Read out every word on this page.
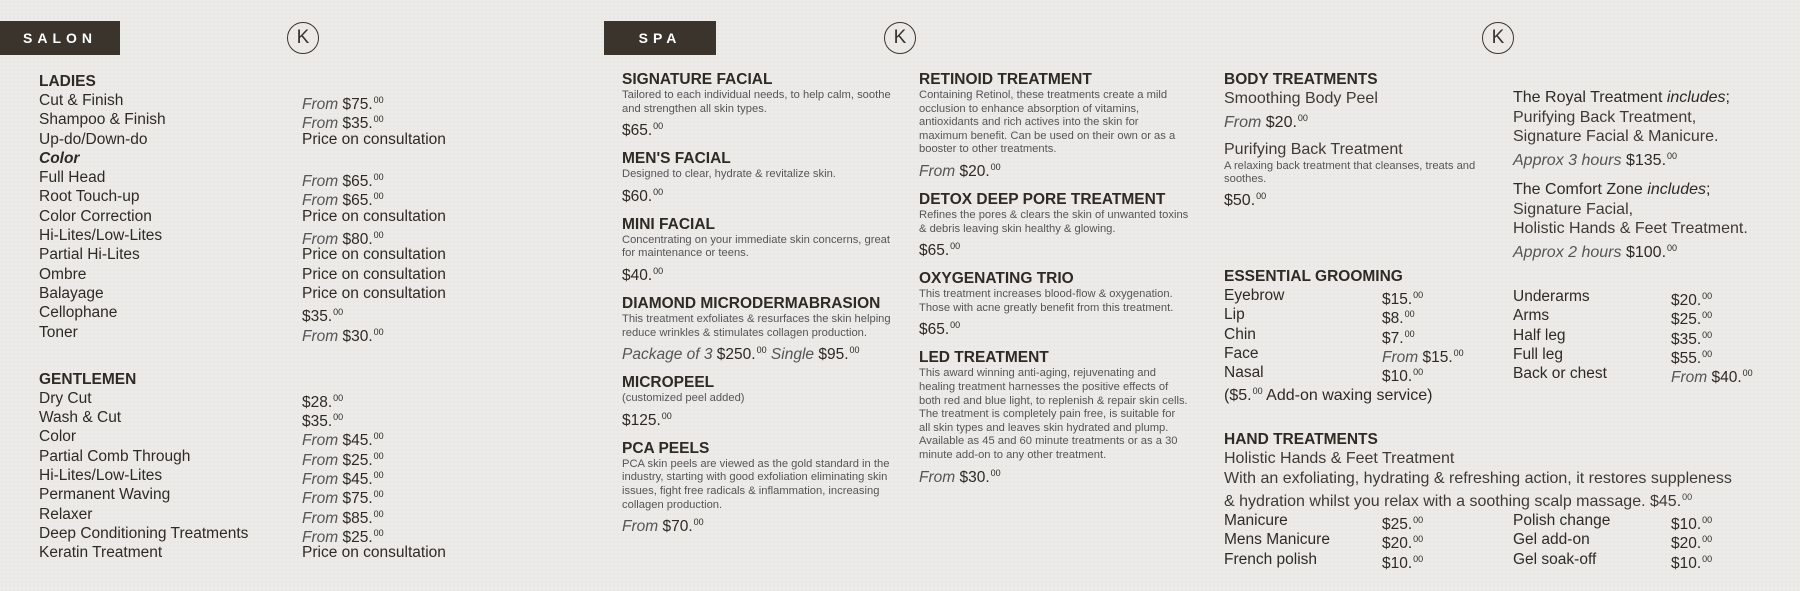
SALON	K	SPA	K	K
LADIES
Cut & Finish	From $75.00
Shampoo & Finish	From $35.00
Up-do/Down-do	Price on consultation
Color
Full Head	From $65.00
Root Touch-up	From $65.00
Color Correction	Price on consultation
Hi-Lites/Low-Lites	From $80.00
Partial Hi-Lites	Price on consultation
Ombre	Price on consultation
Balayage	Price on consultation
Cellophane	$35.00
Toner	From $30.00
GENTLEMEN
Dry Cut	$28.00
Wash & Cut	$35.00
Color	From $45.00
Partial Comb Through	From $25.00
Hi-Lites/Low-Lites	From $45.00
Permanent Waving	From $75.00
Relaxer	From $85.00
Deep Conditioning Treatments	From $25.00
Keratin Treatment	Price on consultation
SIGNATURE FACIAL
Tailored to each individual needs, to help calm, soothe and strengthen all skin types.
$65.00
MEN'S FACIAL
Designed to clear, hydrate & revitalize skin.
$60.00
MINI FACIAL
Concentrating on your immediate skin concerns, great for maintenance or teens.
$40.00
DIAMOND MICRODERMABRASION
This treatment exfoliates & resurfaces the skin helping reduce wrinkles & stimulates collagen production.
Package of 3 $250.00 Single $95.00
MICROPEEL
(customized peel added)
$125.00
PCA PEELS
PCA skin peels are viewed as the gold standard in the industry, starting with good exfoliation eliminating skin issues, fight free radicals & inflammation, increasing collagen production.
From $70.00
RETINOID TREATMENT
Containing Retinol, these treatments create a mild occlusion to enhance absorption of vitamins, antioxidants and rich actives into the skin for maximum benefit. Can be used on their own or as a booster to other treatments.
From $20.00
DETOX DEEP PORE TREATMENT
Refines the pores & clears the skin of unwanted toxins & debris leaving skin healthy & glowing.
$65.00
OXYGENATING TRIO
This treatment increases blood-flow & oxygenation. Those with acne greatly benefit from this treatment.
$65.00
LED TREATMENT
This award winning anti-aging, rejuvenating and healing treatment harnesses the positive effects of both red and blue light, to replenish & repair skin cells. The treatment is completely pain free, is suitable for all skin types and leaves skin hydrated and plump. Available as 45 and 60 minute treatments or as a 30 minute add-on to any other treatment.
From $30.00
BODY TREATMENTS
Smoothing Body Peel
From $20.00
Purifying Back Treatment
A relaxing back treatment that cleanses, treats and soothes.
$50.00
The Royal Treatment includes;
Purifying Back Treatment,
Signature Facial & Manicure.
Approx 3 hours $135.00
The Comfort Zone includes;
Signature Facial,
Holistic Hands & Feet Treatment.
Approx 2 hours $100.00
ESSENTIAL GROOMING
Eyebrow	$15.00
Lip	$8.00
Chin	$7.00
Face	From $15.00
Nasal	$10.00
($5.00 Add-on waxing service)
Underarms	$20.00
Arms	$25.00
Half leg	$35.00
Full leg	$55.00
Back or chest	From $40.00
HAND TREATMENTS
Holistic Hands & Feet Treatment
With an exfoliating, hydrating & refreshing action, it restores suppleness
& hydration whilst you relax with a soothing scalp massage. $45.00
Manicure	$25.00
Mens Manicure	$20.00
French polish	$10.00
Polish change	$10.00
Gel add-on	$20.00
Gel soak-off	$10.00
